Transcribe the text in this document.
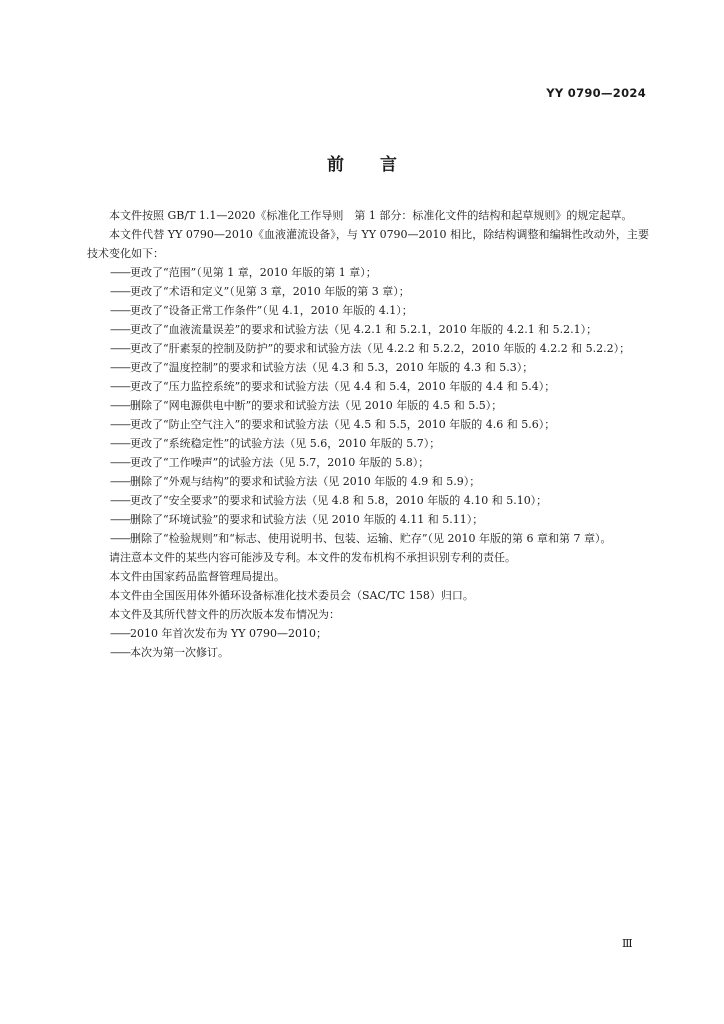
YY 0790—2024
前言

本文件按照 GB/T 1.1—2020《标准化工作导则　第 1 部分：标准化文件的结构和起草规则》的规定起草。

本文件代替 YY 0790—2010《血液灌流设备》，与 YY 0790—2010 相比，除结构调整和编辑性改动外，主要技术变化如下：

——更改了“范围”（见第 1 章，2010 年版的第 1 章）；

——更改了“术语和定义”（见第 3 章，2010 年版的第 3 章）；

——更改了“设备正常工作条件”（见 4.1，2010 年版的 4.1）；

——更改了“血液流量误差”的要求和试验方法（见 4.2.1 和 5.2.1，2010 年版的 4.2.1 和 5.2.1）；

——更改了“肝素泵的控制及防护”的要求和试验方法（见 4.2.2 和 5.2.2，2010 年版的 4.2.2 和 5.2.2）；

——更改了“温度控制”的要求和试验方法（见 4.3 和 5.3，2010 年版的 4.3 和 5.3）；

——更改了“压力监控系统”的要求和试验方法（见 4.4 和 5.4，2010 年版的 4.4 和 5.4）；

——删除了“网电源供电中断”的要求和试验方法（见 2010 年版的 4.5 和 5.5）；

——更改了“防止空气注入”的要求和试验方法（见 4.5 和 5.5，2010 年版的 4.6 和 5.6）；

——更改了“系统稳定性”的试验方法（见 5.6，2010 年版的 5.7）；

——更改了“工作噪声”的试验方法（见 5.7，2010 年版的 5.8）；

——删除了“外观与结构”的要求和试验方法（见 2010 年版的 4.9 和 5.9）；

——更改了“安全要求”的要求和试验方法（见 4.8 和 5.8，2010 年版的 4.10 和 5.10）；

——删除了“环境试验”的要求和试验方法（见 2010 年版的 4.11 和 5.11）；

——删除了“检验规则”和“标志、使用说明书、包装、运输、贮存”（见 2010 年版的第 6 章和第 7 章）。

请注意本文件的某些内容可能涉及专利。本文件的发布机构不承担识别专利的责任。

本文件由国家药品监督管理局提出。

本文件由全国医用体外循环设备标准化技术委员会（SAC/TC 158）归口。

本文件及其所代替文件的历次版本发布情况为：

——2010 年首次发布为 YY 0790—2010；

——本次为第一次修订。

Ⅲ
